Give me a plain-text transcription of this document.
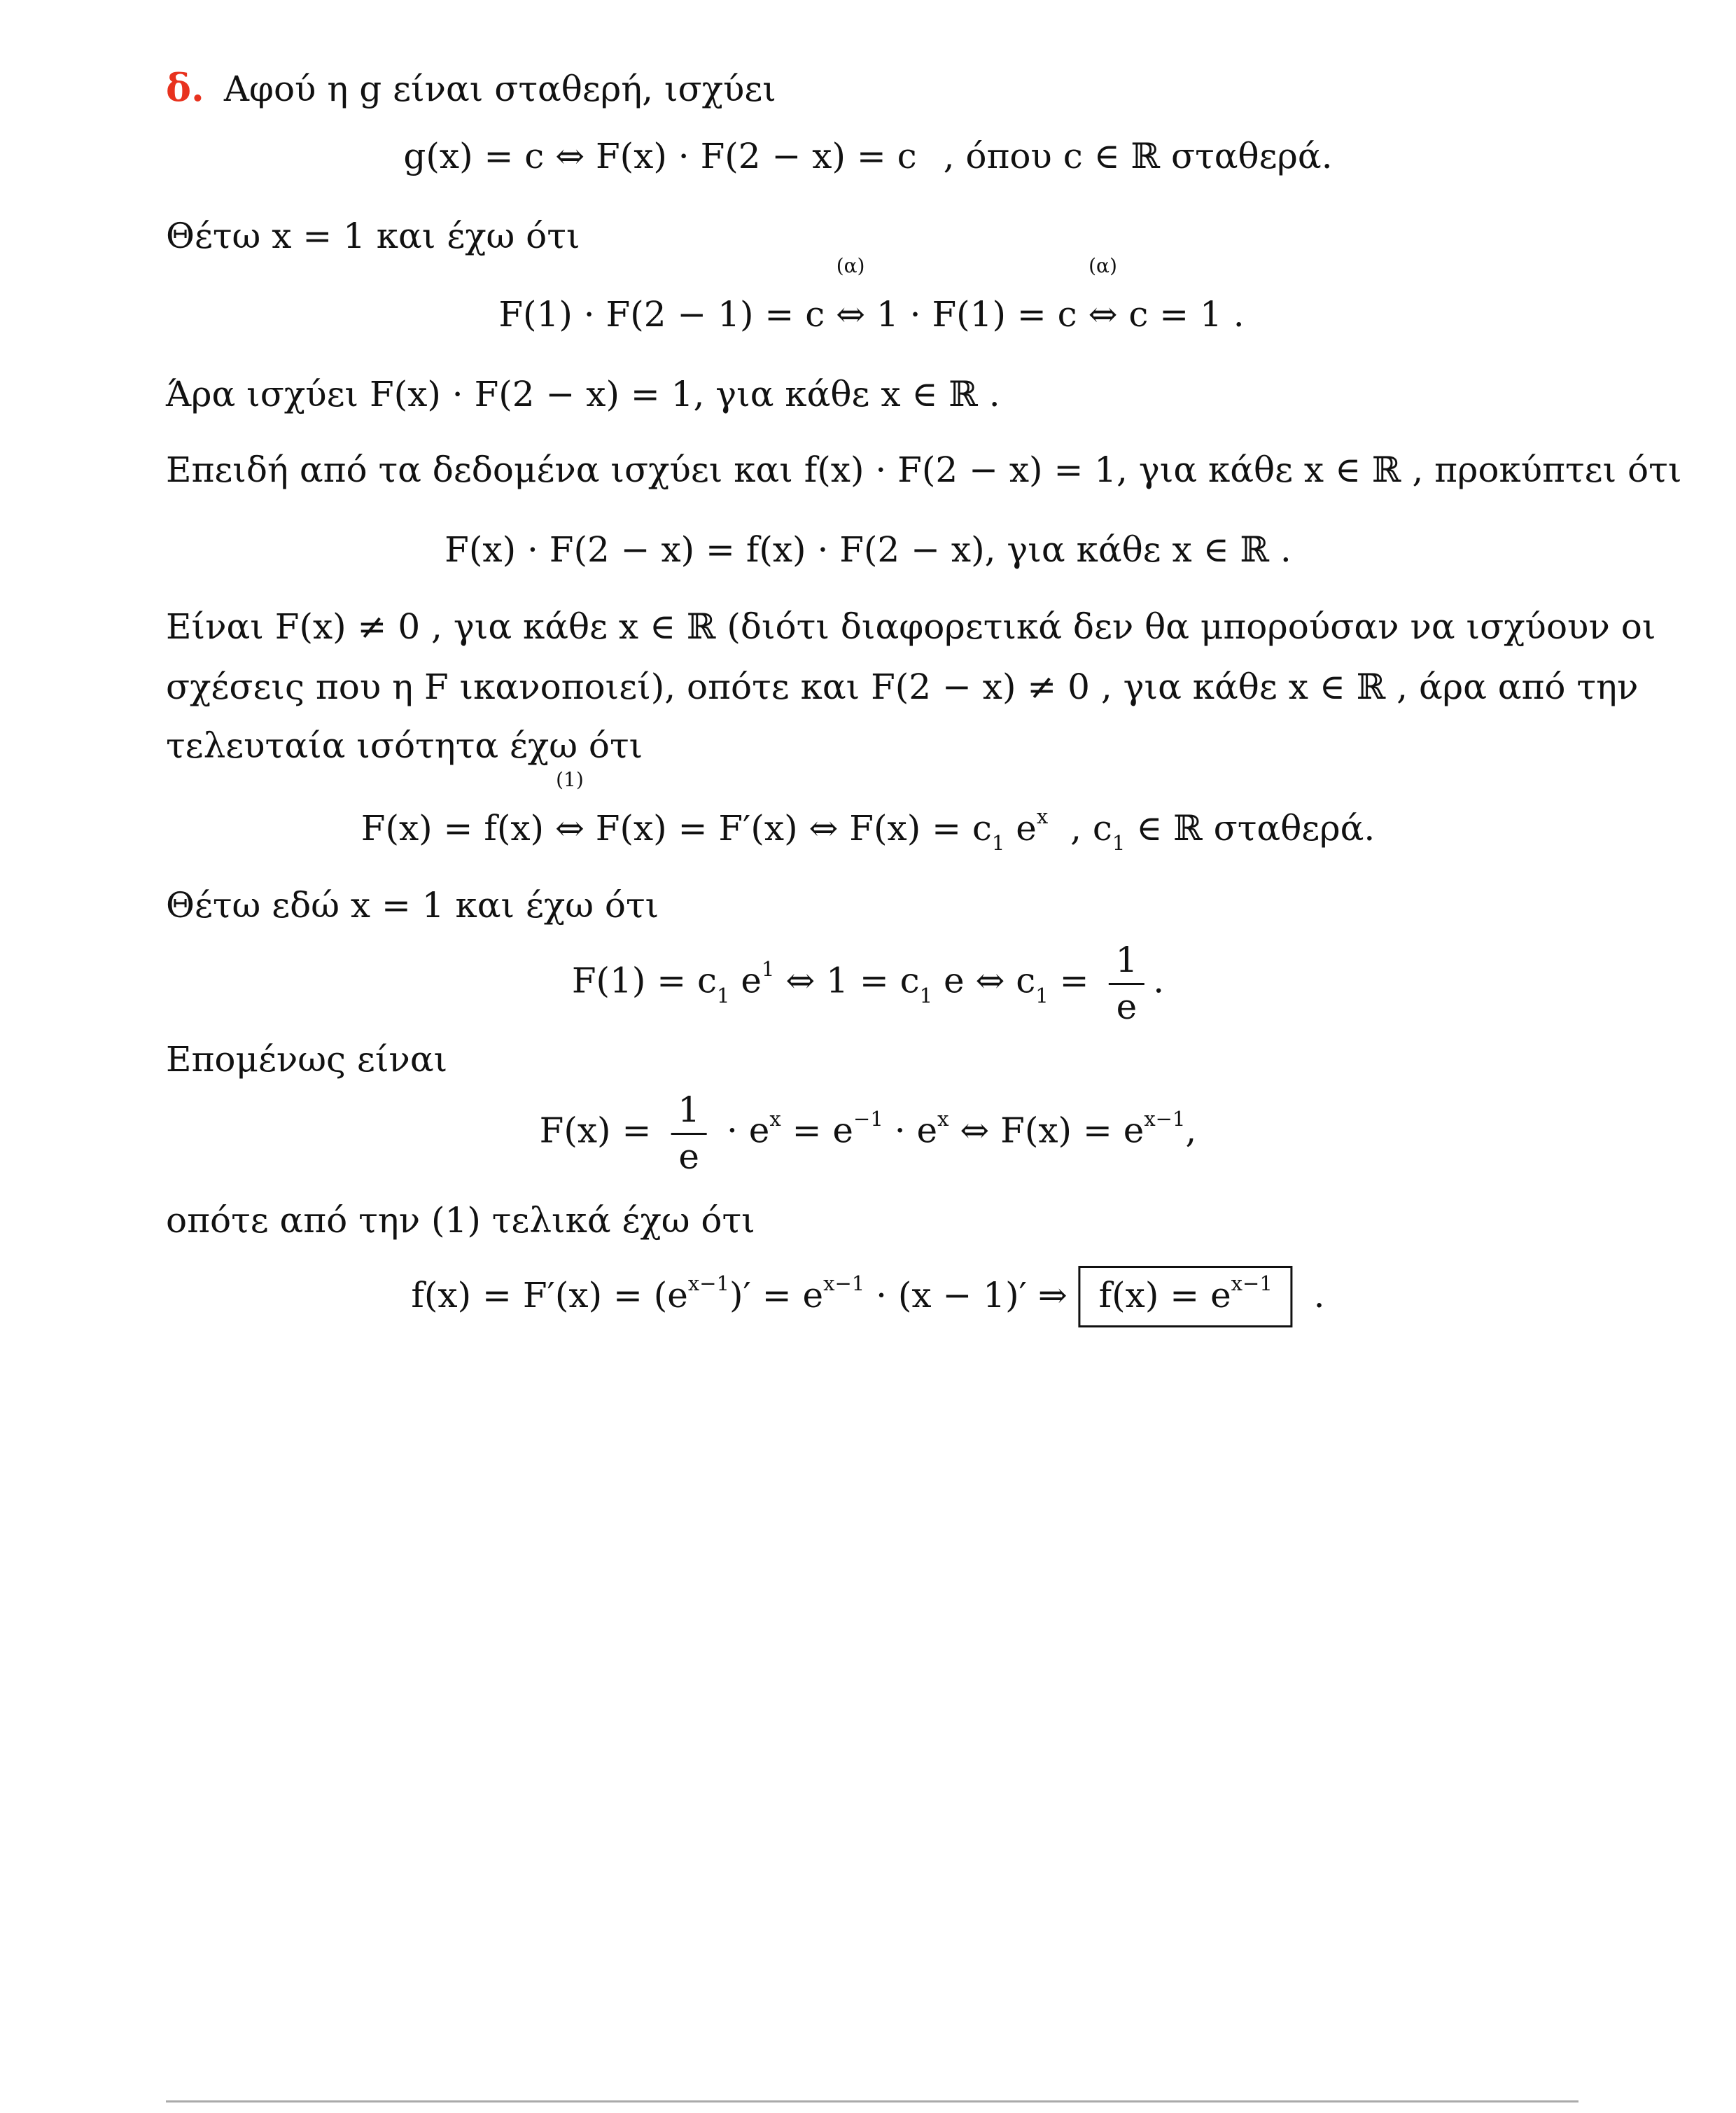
δ. Αφού η g είναι σταθερή, ισχύει
g(x) = c ⇔ F(x) · F(2 − x) = c , όπου c ∈ ℝ σταθερά.
Θέτω x = 1 και έχω ότι
F(1) · F(2 − 1) = c
(α)
⇔ 1 · F(1) = c
(α)
⇔ c = 1 .
Άρα ισχύει F(x) · F(2 − x) = 1, για κάθε x ∈ ℝ .
Επειδή από τα δεδομένα ισχύει και f(x) · F(2 − x) = 1, για κάθε x ∈ ℝ , προκύπτει ότι
F(x) · F(2 − x) = f(x) · F(2 − x), για κάθε x ∈ ℝ .
Είναι F(x) ≠ 0 , για κάθε x ∈ ℝ (διότι διαφορετικά δεν θα μπορούσαν να ισχύουν οι
σχέσεις που η F ικανοποιεί), οπότε και F(2 − x) ≠ 0 , για κάθε x ∈ ℝ , άρα από την
τελευταία ισότητα έχω ότι
F(x) = f(x)
(1)
⇔ F(x) = F′(x) ⇔ $F(x) = c_1$ $e^x$ , $c_1$ ∈ ℝ σταθερά.
Θέτω εδώ x = 1 και έχω ότι
$F(1) = c_1$ $e^1$ ⇔ $1 = c_1$ e ⇔ $c_1 = \frac{1}{e}$ .
Επομένως είναι
$F(x) = \frac{1}{e} \cdot e^x = e^{-1} \cdot e^x$ ⇔ $F(x) = e^{x-1}$,
οπότε από την (1) τελικά έχω ότι
$f(x) = F'(x) = (e^{x-1})' = e^{x-1} \cdot (x - 1)'$ ⇒ $f(x) = e^{x-1}$ .
